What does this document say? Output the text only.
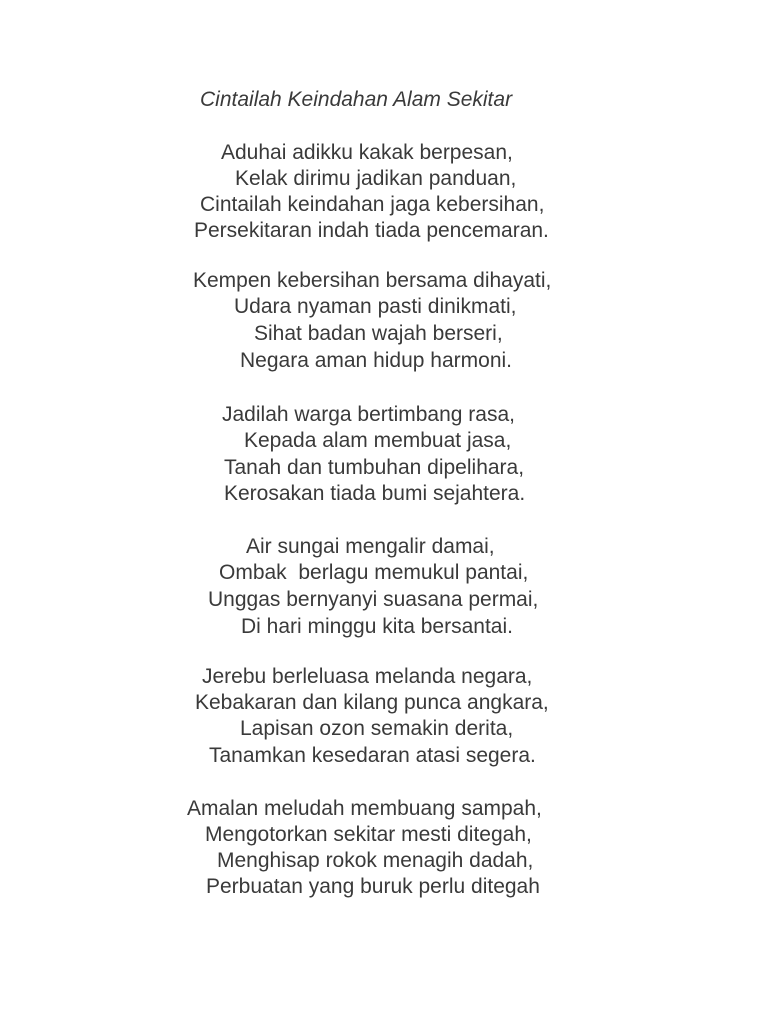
Cintailah Keindahan Alam Sekitar
Aduhai adikku kakak berpesan,
Kelak dirimu jadikan panduan,
Cintailah keindahan jaga kebersihan,
Persekitaran indah tiada pencemaran.
Kempen kebersihan bersama dihayati,
Udara nyaman pasti dinikmati,
Sihat badan wajah berseri,
Negara aman hidup harmoni.
Jadilah warga bertimbang rasa,
Kepada alam membuat jasa,
Tanah dan tumbuhan dipelihara,
Kerosakan tiada bumi sejahtera.
Air sungai mengalir damai,
Ombak  berlagu memukul pantai,
Unggas bernyanyi suasana permai,
Di hari minggu kita bersantai.
Jerebu berleluasa melanda negara,
Kebakaran dan kilang punca angkara,
Lapisan ozon semakin derita,
Tanamkan kesedaran atasi segera.
Amalan meludah membuang sampah,
Mengotorkan sekitar mesti ditegah,
Menghisap rokok menagih dadah,
Perbuatan yang buruk perlu ditegah
